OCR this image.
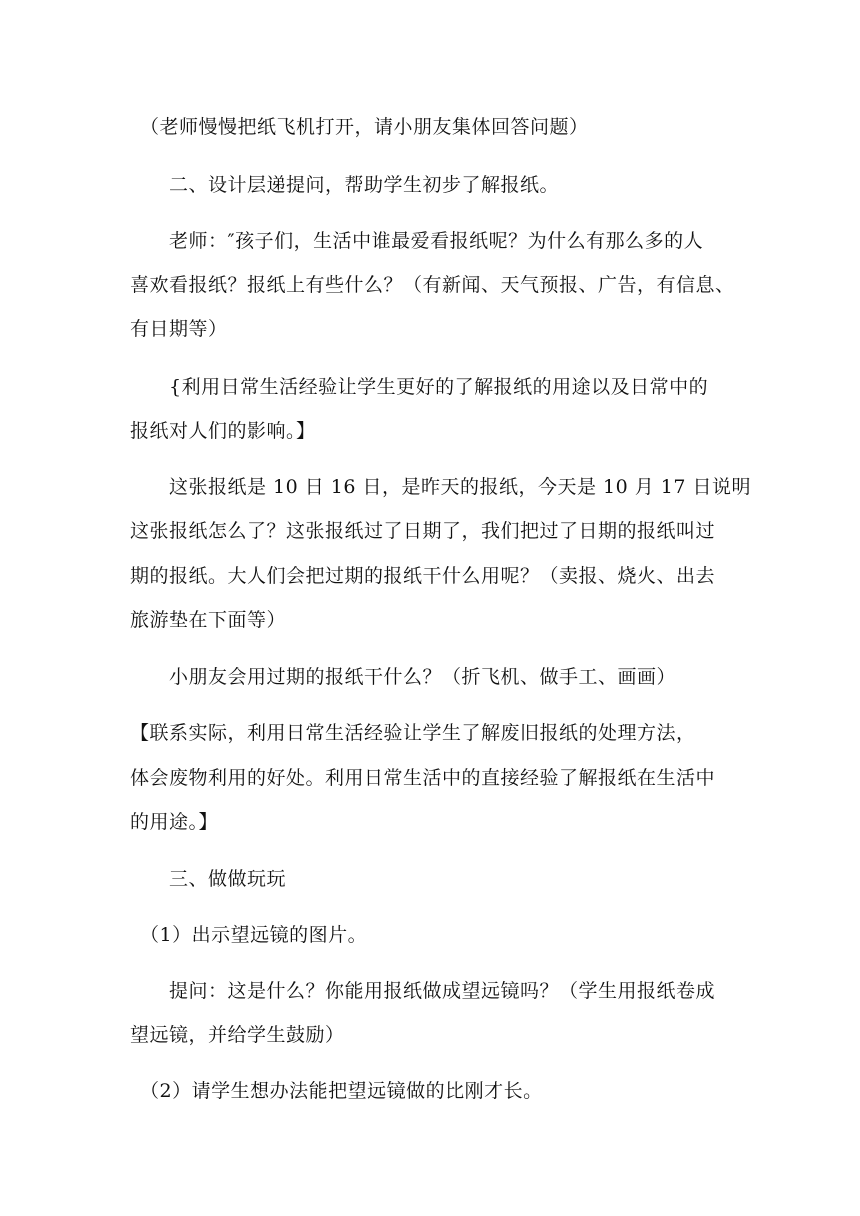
　（老师慢慢把纸飞机打开，请小朋友集体回答问题）
　　二、设计层递提问，帮助学生初步了解报纸。
　　老师：″孩子们，生活中谁最爱看报纸呢？为什么有那么多的人
喜欢看报纸？报纸上有些什么？（有新闻、天气预报、广告，有信息、
有日期等）
　　{利用日常生活经验让学生更好的了解报纸的用途以及日常中的
报纸对人们的影响。】
　　这张报纸是 10 日 16 日，是昨天的报纸，今天是 10 月 17 日说明
这张报纸怎么了？这张报纸过了日期了，我们把过了日期的报纸叫过
期的报纸。大人们会把过期的报纸干什么用呢？（卖报、烧火、出去
旅游垫在下面等）
　　小朋友会用过期的报纸干什么？（折飞机、做手工、画画）
【联系实际，利用日常生活经验让学生了解废旧报纸的处理方法，
体会废物利用的好处。利用日常生活中的直接经验了解报纸在生活中
的用途。】
　　三、做做玩玩
　（1）出示望远镜的图片。
　　提问：这是什么？你能用报纸做成望远镜吗？（学生用报纸卷成
望远镜，并给学生鼓励）
　（2）请学生想办法能把望远镜做的比刚才长。
